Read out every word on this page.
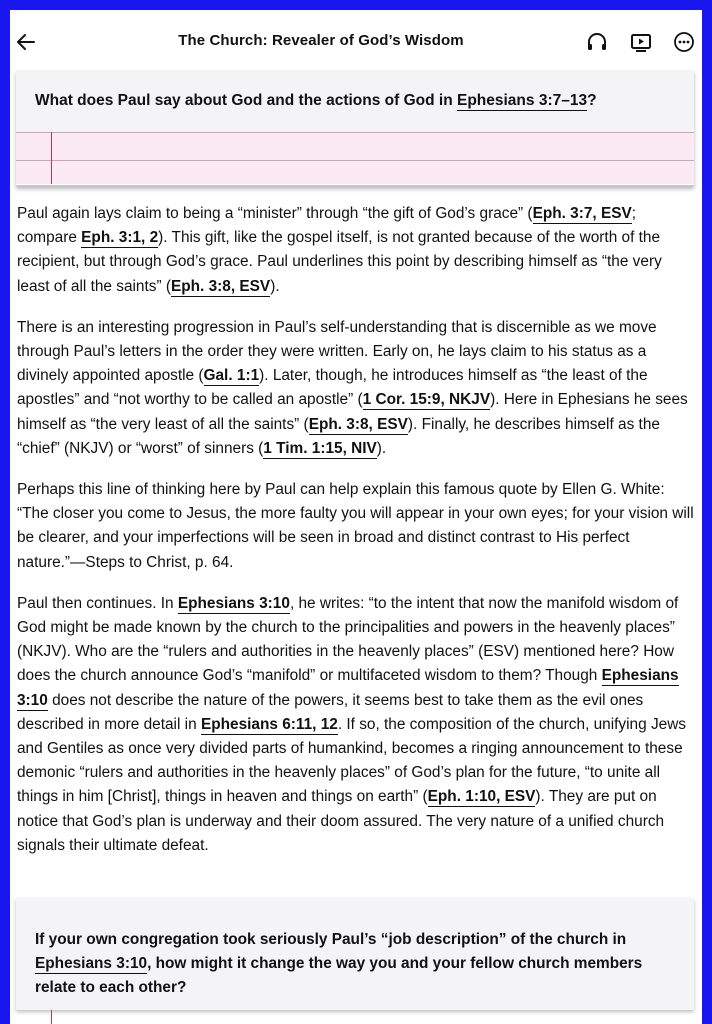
The Church: Revealer of God’s Wisdom
What does Paul say about God and the actions of God in Ephesians 3:7–13?

Paul again lays claim to being a “minister” through “the gift of God’s grace” (Eph. 3:7, ESV; compare Eph. 3:1, 2). This gift, like the gospel itself, is not granted because of the worth of the recipient, but through God’s grace. Paul underlines this point by describing himself as “the very least of all the saints” (Eph. 3:8, ESV).

There is an interesting progression in Paul’s self-understanding that is discernible as we move through Paul’s letters in the order they were written. Early on, he lays claim to his status as a divinely appointed apostle (Gal. 1:1). Later, though, he introduces himself as “the least of the apostles” and “not worthy to be called an apostle” (1 Cor. 15:9, NKJV). Here in Ephesians he sees himself as “the very least of all the saints” (Eph. 3:8, ESV). Finally, he describes himself as the “chief” (NKJV) or “worst” of sinners (1 Tim. 1:15, NIV).

Perhaps this line of thinking here by Paul can help explain this famous quote by Ellen G. White: “The closer you come to Jesus, the more faulty you will appear in your own eyes; for your vision will be clearer, and your imperfections will be seen in broad and distinct contrast to His perfect nature.”—Steps to Christ, p. 64.

Paul then continues. In Ephesians 3:10, he writes: “to the intent that now the manifold wisdom of God might be made known by the church to the principalities and powers in the heavenly places” (NKJV). Who are the “rulers and authorities in the heavenly places” (ESV) mentioned here? How does the church announce God’s “manifold” or multifaceted wisdom to them? Though Ephesians 3:10 does not describe the nature of the powers, it seems best to take them as the evil ones described in more detail in Ephesians 6:11, 12. If so, the composition of the church, unifying Jews and Gentiles as once very divided parts of humankind, becomes a ringing announcement to these demonic “rulers and authorities in the heavenly places” of God’s plan for the future, “to unite all things in him [Christ], things in heaven and things on earth” (Eph. 1:10, ESV). They are put on notice that God’s plan is underway and their doom assured. The very nature of a unified church signals their ultimate defeat.

If your own congregation took seriously Paul’s “job description” of the church in Ephesians 3:10, how might it change the way you and your fellow church members relate to each other?
